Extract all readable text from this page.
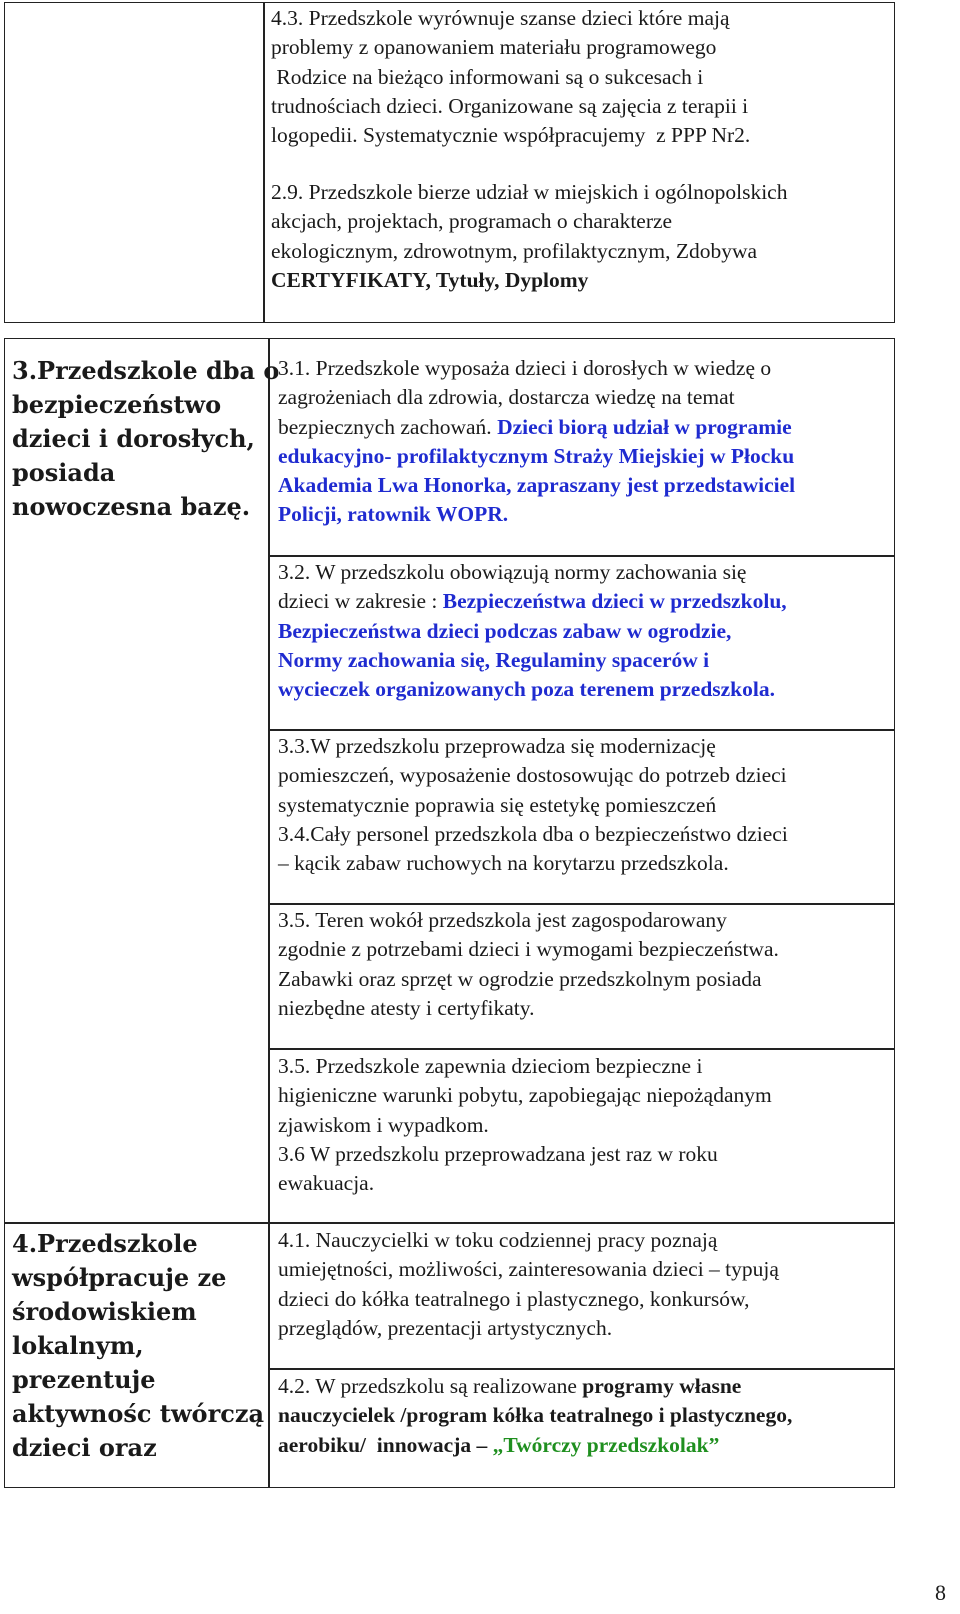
4.3. Przedszkole wyrównuje szanse dzieci które mają

problemy z opanowaniem materiału programowego

Rodzice na bieżąco informowani są o sukcesach i

trudnościach dzieci. Organizowane są zajęcia z terapii i

logopedii. Systematycznie współpracujemy  z PPP Nr2.

2.9. Przedszkole bierze udział w miejskich i ogólnopolskich

akcjach, projektach, programach o charakterze

ekologicznym, zdrowotnym, profilaktycznym, Zdobywa

CERTYFIKATY, Tytuły, Dyplomy

3.Przedszkole dba o

bezpieczeństwo

dzieci i dorosłych,

posiada

nowoczesna bazę.

3.1. Przedszkole wyposaża dzieci i dorosłych w wiedzę o

zagrożeniach dla zdrowia, dostarcza wiedzę na temat

bezpiecznych zachowań. Dzieci biorą udział w programie

edukacyjno- profilaktycznym Straży Miejskiej w Płocku

Akademia Lwa Honorka, zapraszany jest przedstawiciel

Policji, ratownik WOPR.

3.2. W przedszkolu obowiązują normy zachowania się

dzieci w zakresie : Bezpieczeństwa dzieci w przedszkolu,

Bezpieczeństwa dzieci podczas zabaw w ogrodzie,

Normy zachowania się, Regulaminy spacerów i

wycieczek organizowanych poza terenem przedszkola.

3.3.W przedszkolu przeprowadza się modernizację

pomieszczeń, wyposażenie dostosowując do potrzeb dzieci

systematycznie poprawia się estetykę pomieszczeń

3.4.Cały personel przedszkola dba o bezpieczeństwo dzieci

– kącik zabaw ruchowych na korytarzu przedszkola.

3.5. Teren wokół przedszkola jest zagospodarowany

zgodnie z potrzebami dzieci i wymogami bezpieczeństwa.

Zabawki oraz sprzęt w ogrodzie przedszkolnym posiada

niezbędne atesty i certyfikaty.

3.5. Przedszkole zapewnia dzieciom bezpieczne i

higieniczne warunki pobytu, zapobiegając niepożądanym

zjawiskom i wypadkom.

3.6 W przedszkolu przeprowadzana jest raz w roku

ewakuacja.

4.Przedszkole

współpracuje ze

środowiskiem

lokalnym,

prezentuje

aktywnośc twórczą

dzieci oraz

4.1. Nauczycielki w toku codziennej pracy poznają

umiejętności, możliwości, zainteresowania dzieci – typują

dzieci do kółka teatralnego i plastycznego, konkursów,

przeglądów, prezentacji artystycznych.

4.2. W przedszkolu są realizowane programy własne

nauczycielek /program kółka teatralnego i plastycznego,

aerobiku/  innowacja – „Twórczy przedszkolak”

8
